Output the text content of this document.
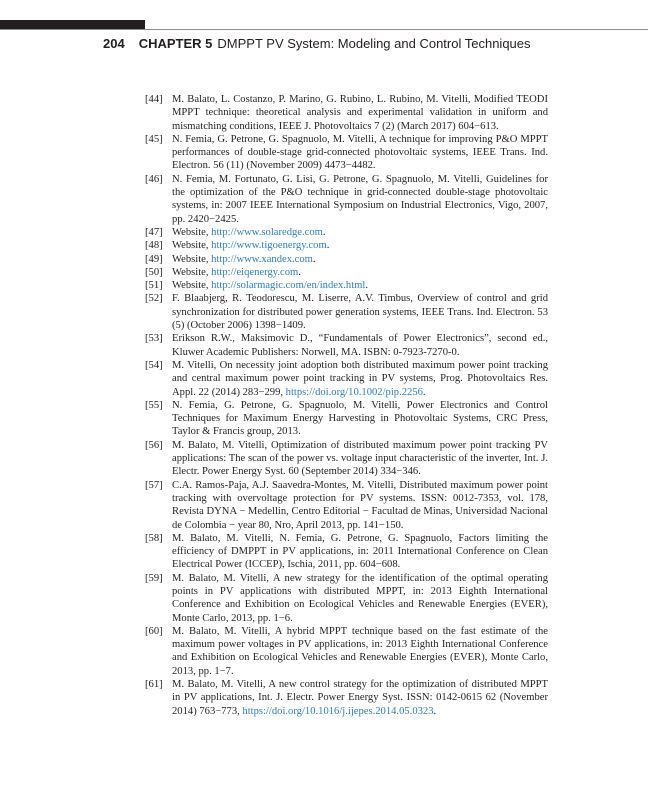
204 CHAPTER 5 DMPPT PV System: Modeling and Control Techniques
[44] M. Balato, L. Costanzo, P. Marino, G. Rubino, L. Rubino, M. Vitelli, Modified TEODI MPPT technique: theoretical analysis and experimental validation in uniform and mismatching conditions, IEEE J. Photovoltaics 7 (2) (March 2017) 604−613.
[45] N. Femia, G. Petrone, G. Spagnuolo, M. Vitelli, A technique for improving P&O MPPT performances of double-stage grid-connected photovoltaic systems, IEEE Trans. Ind. Electron. 56 (11) (November 2009) 4473−4482.
[46] N. Femia, M. Fortunato, G. Lisi, G. Petrone, G. Spagnuolo, M. Vitelli, Guidelines for the optimization of the P&O technique in grid-connected double-stage photovoltaic systems, in: 2007 IEEE International Symposium on Industrial Electronics, Vigo, 2007, pp. 2420−2425.
[47] Website, http://www.solaredge.com.
[48] Website, http://www.tigoenergy.com.
[49] Website, http://www.xandex.com.
[50] Website, http://eiqenergy.com.
[51] Website, http://solarmagic.com/en/index.html.
[52] F. Blaabjerg, R. Teodorescu, M. Liserre, A.V. Timbus, Overview of control and grid synchronization for distributed power generation systems, IEEE Trans. Ind. Electron. 53 (5) (October 2006) 1398−1409.
[53] Erikson R.W., Maksimovic D., “Fundamentals of Power Electronics”, second ed., Kluwer Academic Publishers: Norwell, MA. ISBN: 0-7923-7270-0.
[54] M. Vitelli, On necessity joint adoption both distributed maximum power point tracking and central maximum power point tracking in PV systems, Prog. Photovoltaics Res. Appl. 22 (2014) 283−299, https://doi.org/10.1002/pip.2256.
[55] N. Femia, G. Petrone, G. Spagnuolo, M. Vitelli, Power Electronics and Control Techniques for Maximum Energy Harvesting in Photovoltaic Systems, CRC Press, Taylor & Francis group, 2013.
[56] M. Balato, M. Vitelli, Optimization of distributed maximum power point tracking PV applications: The scan of the power vs. voltage input characteristic of the inverter, Int. J. Electr. Power Energy Syst. 60 (September 2014) 334−346.
[57] C.A. Ramos-Paja, A.J. Saavedra-Montes, M. Vitelli, Distributed maximum power point tracking with overvoltage protection for PV systems. ISSN: 0012-7353, vol. 178, Revista DYNA − Medellin, Centro Editorial − Facultad de Minas, Universidad Nacional de Colombia − year 80, Nro, April 2013, pp. 141−150.
[58] M. Balato, M. Vitelli, N. Femia, G. Petrone, G. Spagnuolo, Factors limiting the efficiency of DMPPT in PV applications, in: 2011 International Conference on Clean Electrical Power (ICCEP), Ischia, 2011, pp. 604−608.
[59] M. Balato, M. Vitelli, A new strategy for the identification of the optimal operating points in PV applications with distributed MPPT, in: 2013 Eighth International Conference and Exhibition on Ecological Vehicles and Renewable Energies (EVER), Monte Carlo, 2013, pp. 1−6.
[60] M. Balato, M. Vitelli, A hybrid MPPT technique based on the fast estimate of the maximum power voltages in PV applications, in: 2013 Eighth International Conference and Exhibition on Ecological Vehicles and Renewable Energies (EVER), Monte Carlo, 2013, pp. 1−7.
[61] M. Balato, M. Vitelli, A new control strategy for the optimization of distributed MPPT in PV applications, Int. J. Electr. Power Energy Syst. ISSN: 0142-0615 62 (November 2014) 763−773, https://doi.org/10.1016/j.ijepes.2014.05.0323.
